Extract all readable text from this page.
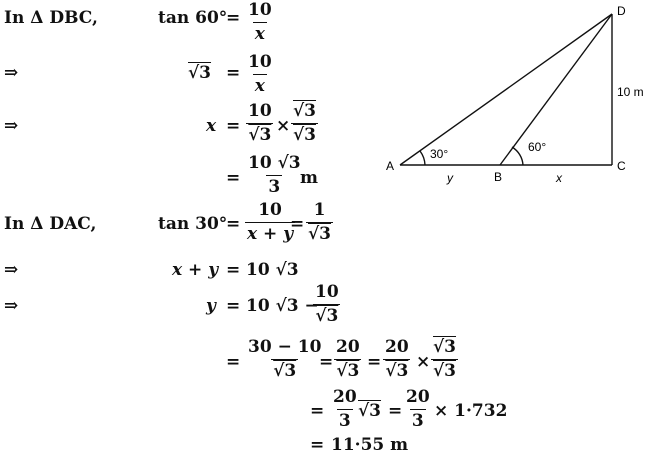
In Δ DBC,	tan 60°
= $\frac{10}{x}$
⇒	$√3 = \frac{10}{x}$
⇒	$x = \frac{10}{√3} \times \frac{√3}{√3}$
= $\frac{10 √3}{3}$
m
In Δ DAC,	tan 30°
= $\frac{10}{x + y}$
= $\frac{1}{√3}$
⇒	x + y = 10 √3
⇒	y = 10 √3 −
$\frac{10}{√3}$
= $\frac{30 - 10}{√3}$
= $\frac{20}{√3} = \frac{20}{√3} \times \frac{√3}{√3}$
= $\frac{20}{3} √3 = \frac{20}{3} \times 1\cdot 732$
= 11·55 m
A
B
C
D
30°	60°
10 m
y	x
